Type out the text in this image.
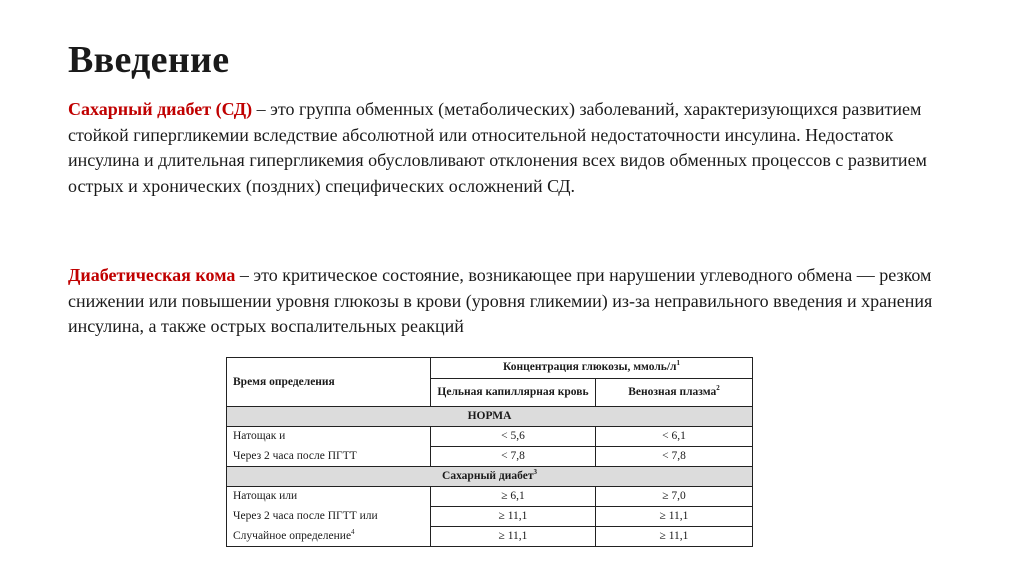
Введение
Сахарный диабет (СД) – это группа обменных (метаболических) заболеваний, характеризующихся развитием стойкой гипергликемии вследствие абсолютной или относительной недостаточности инсулина. Недостаток инсулина и длительная гипергликемия обусловливают отклонения всех видов обменных процессов с развитием острых и хронических (поздних) специфических осложнений СД.
Диабетическая кома – это критическое состояние, возникающее при нарушении углеводного обмена — резком снижении или повышении уровня глюкозы в крови (уровня гликемии) из-за неправильного введения и хранения инсулина, а также острых воспалительных реакций
Время определения	Концентрация глюкозы, ммоль/$л^1$
	Цельная капиллярная кровь	Венозная плазма$^2$
НОРМА		
Натощак и	< 5,6	< 6,1
Через 2 часа после ПГТТ	< 7,8	< 7,8
Сахарный диабет$^3$
Натощак или	≥ 6,1	≥ 7,0
Через 2 часа после ПГТТ или	≥ 11,1	≥ 11,1
Случайное определение$^4$	≥ 11,1	≥ 11,1
